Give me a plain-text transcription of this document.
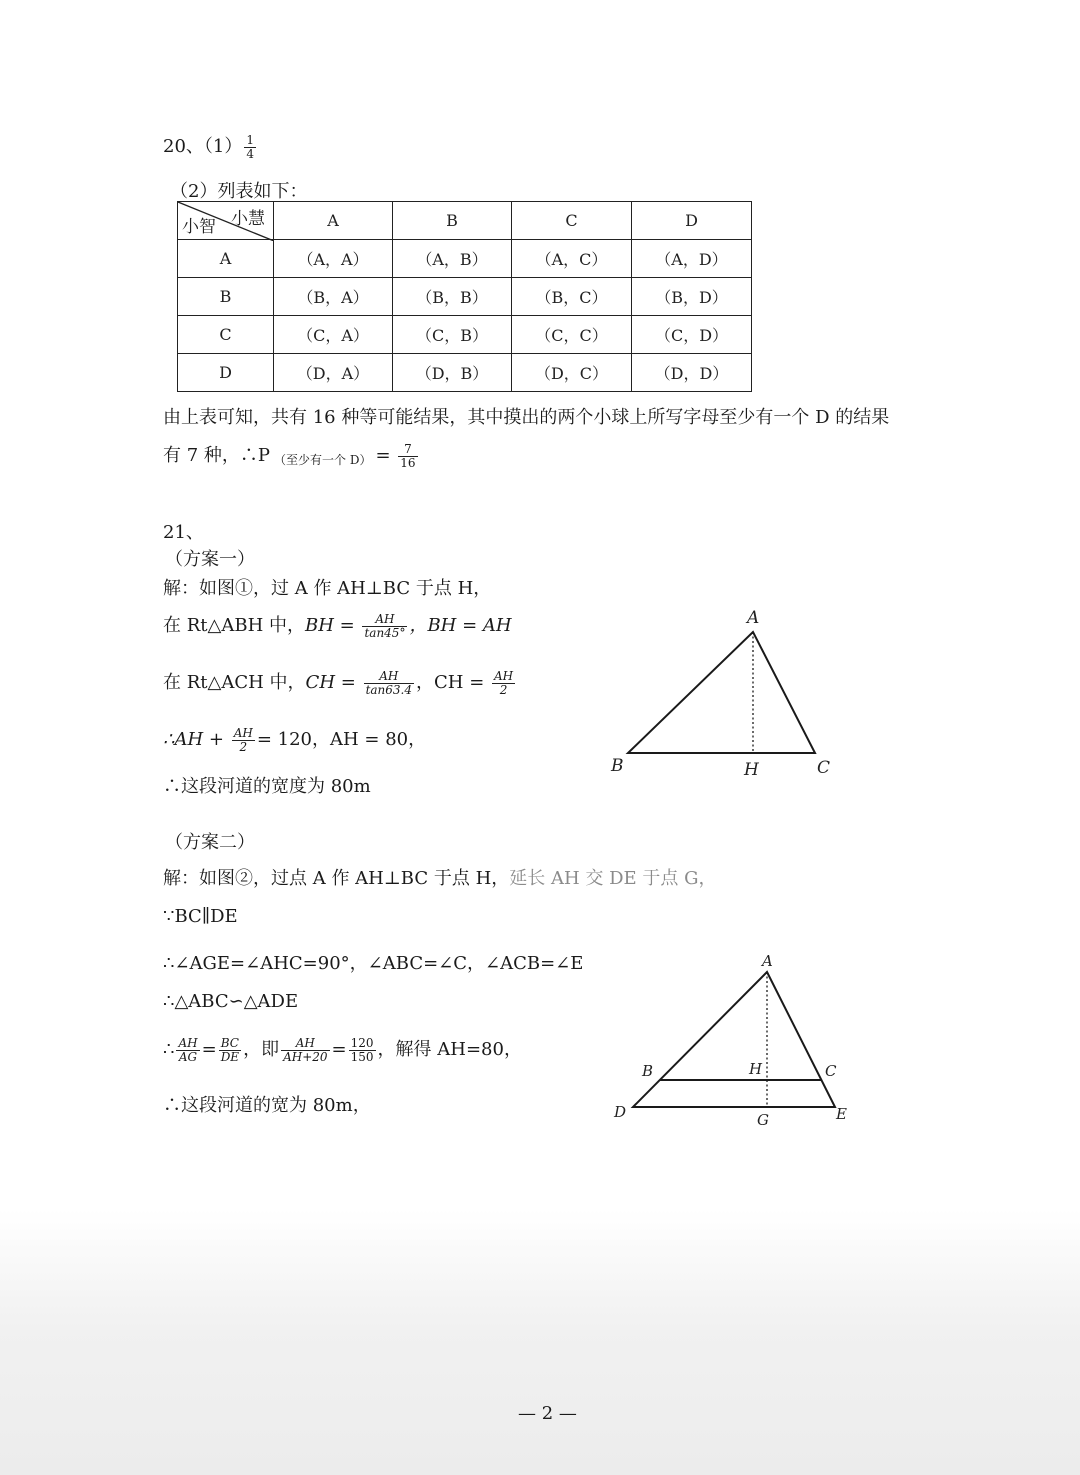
20、$(1) \frac{1}{4}$
（2）列表如下：
小慧
小智	A	B	C	D
A	（A，A）	（A，B）	（A，C）	（A，D）
B	（B，A）	（B，B）	（B，C）	（B，D）
C	（C，A）	（C，B）	（C，C）	（C，D）
D	（D，A）	（D，B）	（D，C）	（D，D）
由上表可知，共有 16 种等可能结果，其中摸出的两个小球上所写字母至少有一个 D 的结果
有 7 种，∴P $_{(至少有一个 D)} = \frac{7}{16}$
21、
（方案一）
解：如图①，过 A 作 AH⊥BC 于点 H，
在 Rt△ABH 中，BH = $\frac{AH}{\tan 45^\circ}$ ，BH = AH
在 Rt△ACH 中，CH = $\frac{AH}{\tan 63.4}$ ，CH = $\frac{AH}{2}$
∴AH + $\frac{AH}{2} = 120$，AH = 80，
∴这段河道的宽度为 80m
A
B	H	C
（方案二）
解：如图②，过点 A 作 AH⊥BC 于点 H，延长 AH 交 DE 于点 G，
∵BC∥DE
∴∠AGE=∠AHC=90°，∠ABC=∠C，∠ACB=∠E
∴△ABC∽△ADE
∴ $\frac{AH}{AG} = \frac{BC}{DE}$ ，即 $\frac{AH}{AH+20} = \frac{120}{150}$ ，解得 AH=80，
∴这段河道的宽为 80m，
A
B	H	C
D	G	E
— 2 —
